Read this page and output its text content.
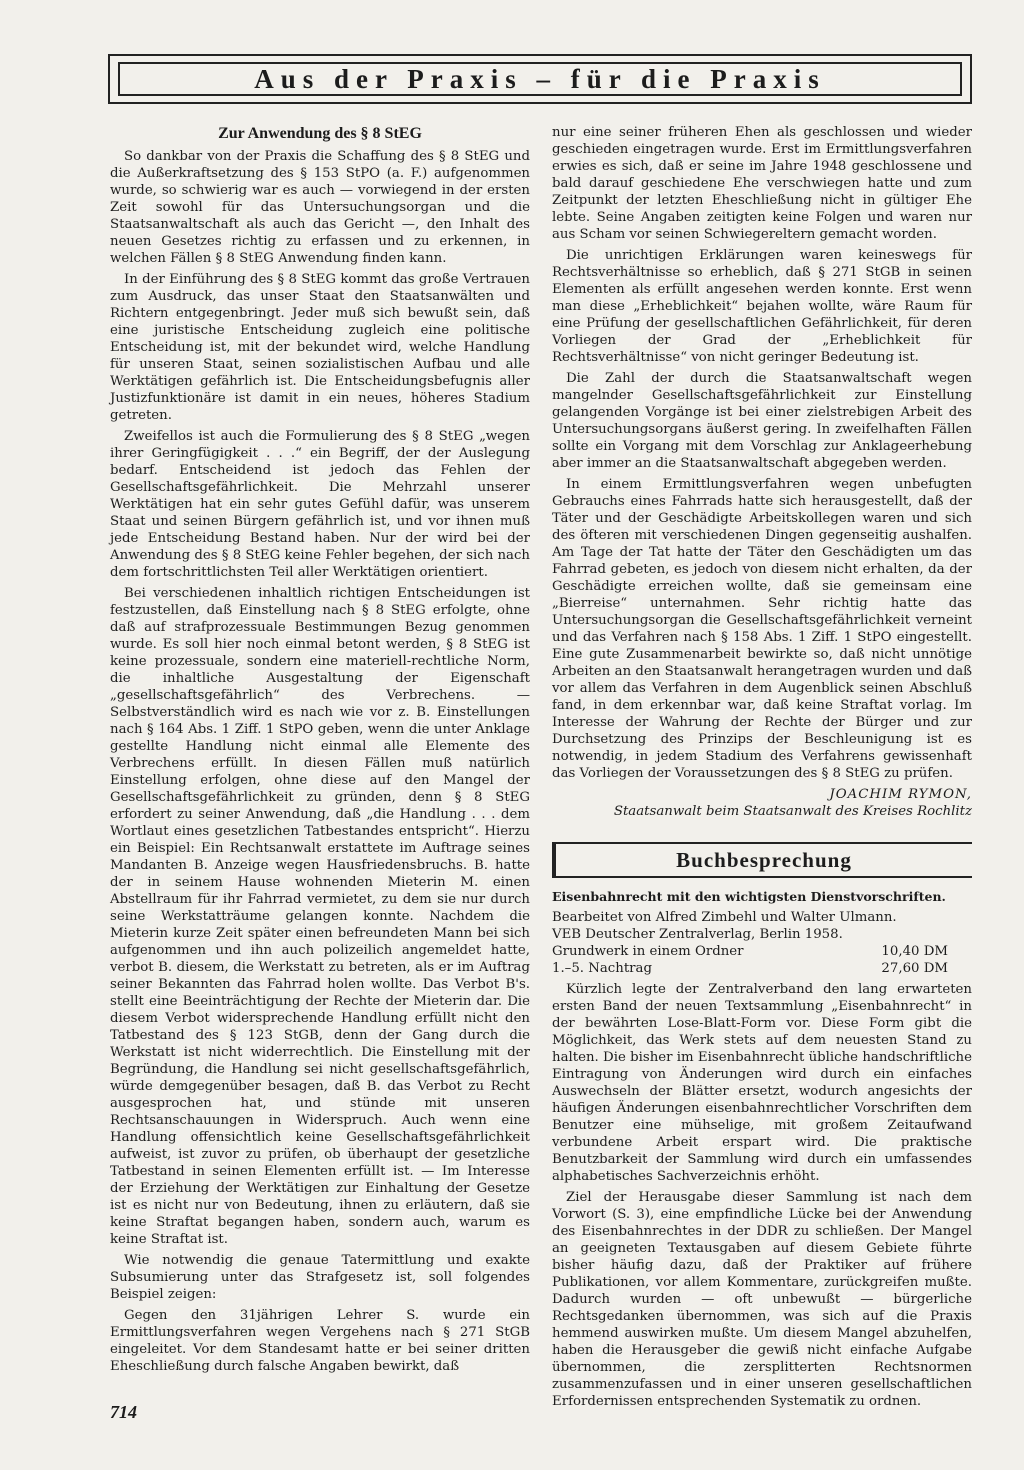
Aus der Praxis – für die Praxis
Zur Anwendung des § 8 StEG

So dankbar von der Praxis die Schaffung des § 8 StEG und die Außerkraftsetzung des § 153 StPO (a. F.) aufgenommen wurde, so schwierig war es auch — vorwiegend in der ersten Zeit sowohl für das Untersuchungsorgan und die Staatsanwaltschaft als auch das Gericht —, den Inhalt des neuen Gesetzes richtig zu erfassen und zu erkennen, in welchen Fällen § 8 StEG Anwendung finden kann.

In der Einführung des § 8 StEG kommt das große Vertrauen zum Ausdruck, das unser Staat den Staatsanwälten und Richtern entgegenbringt. Jeder muß sich bewußt sein, daß eine juristische Entscheidung zugleich eine politische Entscheidung ist, mit der bekundet wird, welche Handlung für unseren Staat, seinen sozialistischen Aufbau und alle Werktätigen gefährlich ist. Die Entscheidungsbefugnis aller Justizfunktionäre ist damit in ein neues, höheres Stadium getreten.

Zweifellos ist auch die Formulierung des § 8 StEG „wegen ihrer Geringfügigkeit . . .“ ein Begriff, der der Auslegung bedarf. Entscheidend ist jedoch das Fehlen der Gesellschaftsgefährlichkeit. Die Mehrzahl unserer Werktätigen hat ein sehr gutes Gefühl dafür, was unserem Staat und seinen Bürgern gefährlich ist, und vor ihnen muß jede Entscheidung Bestand haben. Nur der wird bei der Anwendung des § 8 StEG keine Fehler begehen, der sich nach dem fortschrittlichsten Teil aller Werktätigen orientiert.

Bei verschiedenen inhaltlich richtigen Entscheidungen ist festzustellen, daß Einstellung nach § 8 StEG erfolgte, ohne daß auf strafprozessuale Bestimmungen Bezug genommen wurde. Es soll hier noch einmal betont werden, § 8 StEG ist keine prozessuale, sondern eine materiell-rechtliche Norm, die inhaltliche Ausgestaltung der Eigenschaft „gesellschaftsgefährlich“ des Verbrechens. — Selbstverständlich wird es nach wie vor z. B. Einstellungen nach § 164 Abs. 1 Ziff. 1 StPO geben, wenn die unter Anklage gestellte Handlung nicht einmal alle Elemente des Verbrechens erfüllt. In diesen Fällen muß natürlich Einstellung erfolgen, ohne diese auf den Mangel der Gesellschaftsgefährlichkeit zu gründen, denn § 8 StEG erfordert zu seiner Anwendung, daß „die Handlung . . . dem Wortlaut eines gesetzlichen Tatbestandes entspricht“. Hierzu ein Beispiel: Ein Rechtsanwalt erstattete im Auftrage seines Mandanten B. Anzeige wegen Hausfriedensbruchs. B. hatte der in seinem Hause wohnenden Mieterin M. einen Abstellraum für ihr Fahrrad vermietet, zu dem sie nur durch seine Werkstatträume gelangen konnte. Nachdem die Mieterin kurze Zeit später einen befreundeten Mann bei sich aufgenommen und ihn auch polizeilich angemeldet hatte, verbot B. diesem, die Werkstatt zu betreten, als er im Auftrag seiner Bekannten das Fahrrad holen wollte. Das Verbot B's. stellt eine Beeinträchtigung der Rechte der Mieterin dar. Die diesem Verbot widersprechende Handlung erfüllt nicht den Tatbestand des § 123 StGB, denn der Gang durch die Werkstatt ist nicht widerrechtlich. Die Einstellung mit der Begründung, die Handlung sei nicht gesellschaftsgefährlich, würde demgegenüber besagen, daß B. das Verbot zu Recht ausgesprochen hat, und stünde mit unseren Rechtsanschauungen in Widerspruch. Auch wenn eine Handlung offensichtlich keine Gesellschaftsgefährlichkeit aufweist, ist zuvor zu prüfen, ob überhaupt der gesetzliche Tatbestand in seinen Elementen erfüllt ist. — Im Interesse der Erziehung der Werktätigen zur Einhaltung der Gesetze ist es nicht nur von Bedeutung, ihnen zu erläutern, daß sie keine Straftat begangen haben, sondern auch, warum es keine Straftat ist.

Wie notwendig die genaue Tatermittlung und exakte Subsumierung unter das Strafgesetz ist, soll folgendes Beispiel zeigen:

Gegen den 31jährigen Lehrer S. wurde ein Ermittlungsverfahren wegen Vergehens nach § 271 StGB eingeleitet. Vor dem Standesamt hatte er bei seiner dritten Eheschließung durch falsche Angaben bewirkt, daß

nur eine seiner früheren Ehen als geschlossen und wieder geschieden eingetragen wurde. Erst im Ermittlungsverfahren erwies es sich, daß er seine im Jahre 1948 geschlossene und bald darauf geschiedene Ehe verschwiegen hatte und zum Zeitpunkt der letzten Eheschließung nicht in gültiger Ehe lebte. Seine Angaben zeitigten keine Folgen und waren nur aus Scham vor seinen Schwiegereltern gemacht worden.

Die unrichtigen Erklärungen waren keineswegs für Rechtsverhältnisse so erheblich, daß § 271 StGB in seinen Elementen als erfüllt angesehen werden konnte. Erst wenn man diese „Erheblichkeit“ bejahen wollte, wäre Raum für eine Prüfung der gesellschaftlichen Gefährlichkeit, für deren Vorliegen der Grad der „Erheblichkeit für Rechtsverhältnisse“ von nicht geringer Bedeutung ist.

Die Zahl der durch die Staatsanwaltschaft wegen mangelnder Gesellschaftsgefährlichkeit zur Einstellung gelangenden Vorgänge ist bei einer zielstrebigen Arbeit des Untersuchungsorgans äußerst gering. In zweifelhaften Fällen sollte ein Vorgang mit dem Vorschlag zur Anklageerhebung aber immer an die Staatsanwaltschaft abgegeben werden.

In einem Ermittlungsverfahren wegen unbefugten Gebrauchs eines Fahrrads hatte sich herausgestellt, daß der Täter und der Geschädigte Arbeitskollegen waren und sich des öfteren mit verschiedenen Dingen gegenseitig aushalfen. Am Tage der Tat hatte der Täter den Geschädigten um das Fahrrad gebeten, es jedoch von diesem nicht erhalten, da der Geschädigte erreichen wollte, daß sie gemeinsam eine „Bierreise“ unternahmen. Sehr richtig hatte das Untersuchungsorgan die Gesellschaftsgefährlichkeit verneint und das Verfahren nach § 158 Abs. 1 Ziff. 1 StPO eingestellt. Eine gute Zusammenarbeit bewirkte so, daß nicht unnötige Arbeiten an den Staatsanwalt herangetragen wurden und daß vor allem das Verfahren in dem Augenblick seinen Abschluß fand, in dem erkennbar war, daß keine Straftat vorlag. Im Interesse der Wahrung der Rechte der Bürger und zur Durchsetzung des Prinzips der Beschleunigung ist es notwendig, in jedem Stadium des Verfahrens gewissenhaft das Vorliegen der Voraussetzungen des § 8 StEG zu prüfen.

JOACHIM RYMON,
Staatsanwalt beim Staatsanwalt des Kreises Rochlitz
Buchbesprechung

Eisenbahnrecht mit den wichtigsten Dienstvorschriften.

Bearbeitet von Alfred Zimbehl und Walter Ulmann.

VEB Deutscher Zentralverlag, Berlin 1958.

Grundwerk in einem Ordner	10,40 DM
1.–5. Nachtrag	27,60 DM

Kürzlich legte der Zentralverband den lang erwarteten ersten Band der neuen Textsammlung „Eisenbahnrecht“ in der bewährten Lose-Blatt-Form vor. Diese Form gibt die Möglichkeit, das Werk stets auf dem neuesten Stand zu halten. Die bisher im Eisenbahnrecht übliche handschriftliche Eintragung von Änderungen wird durch ein einfaches Auswechseln der Blätter ersetzt, wodurch angesichts der häufigen Änderungen eisenbahnrechtlicher Vorschriften dem Benutzer eine mühselige, mit großem Zeitaufwand verbundene Arbeit erspart wird. Die praktische Benutzbarkeit der Sammlung wird durch ein umfassendes alphabetisches Sachverzeichnis erhöht.

Ziel der Herausgabe dieser Sammlung ist nach dem Vorwort (S. 3), eine empfindliche Lücke bei der Anwendung des Eisenbahnrechtes in der DDR zu schließen. Der Mangel an geeigneten Textausgaben auf diesem Gebiete führte bisher häufig dazu, daß der Praktiker auf frühere Publikationen, vor allem Kommentare, zurückgreifen mußte. Dadurch wurden — oft unbewußt — bürgerliche Rechtsgedanken übernommen, was sich auf die Praxis hemmend auswirken mußte. Um diesem Mangel abzuhelfen, haben die Herausgeber die gewiß nicht einfache Aufgabe übernommen, die zersplitterten Rechtsnormen zusammenzufassen und in einer unseren gesellschaftlichen Erfordernissen entsprechenden Systematik zu ordnen.

714
